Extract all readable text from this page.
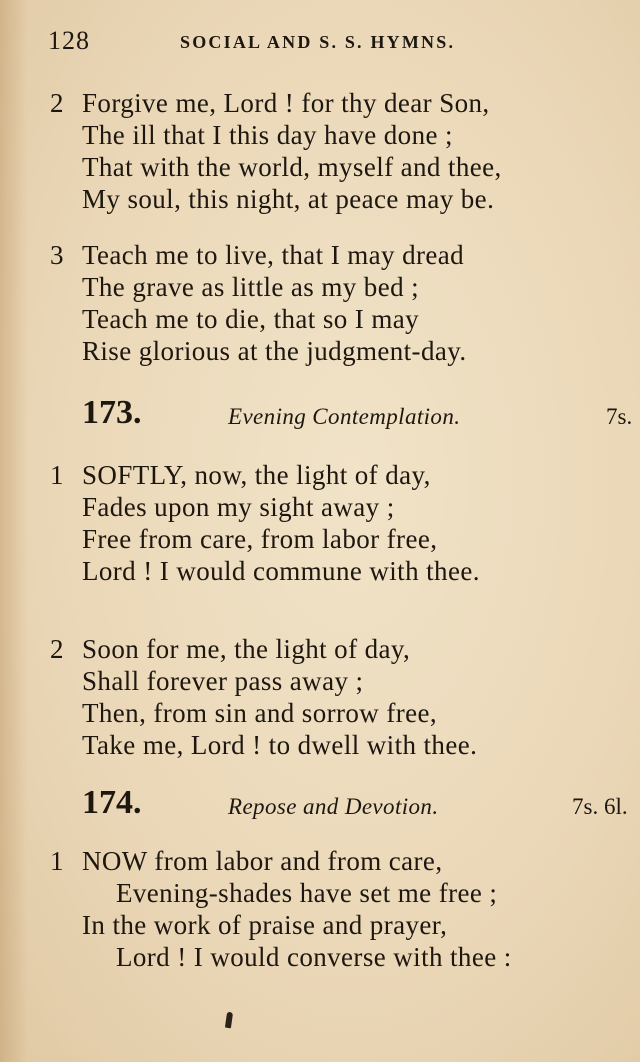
128	SOCIAL AND S. S. HYMNS.
2 Forgive me, Lord ! for thy dear Son,
The ill that I this day have done ;
That with the world, myself and thee,
My soul, this night, at peace may be.
3 Teach me to live, that I may dread
The grave as little as my bed ;
Teach me to die, that so I may
Rise glorious at the judgment-day.
173.	Evening Contemplation.	7s.
1 SOFTLY, now, the light of day,
Fades upon my sight away ;
Free from care, from labor free,
Lord ! I would commune with thee.
2 Soon for me, the light of day,
Shall forever pass away ;
Then, from sin and sorrow free,
Take me, Lord ! to dwell with thee.
174.	Repose and Devotion.	7s. 6l.
1 NOW from labor and from care,
Evening-shades have set me free ;
In the work of praise and prayer,
Lord ! I would converse with thee :
